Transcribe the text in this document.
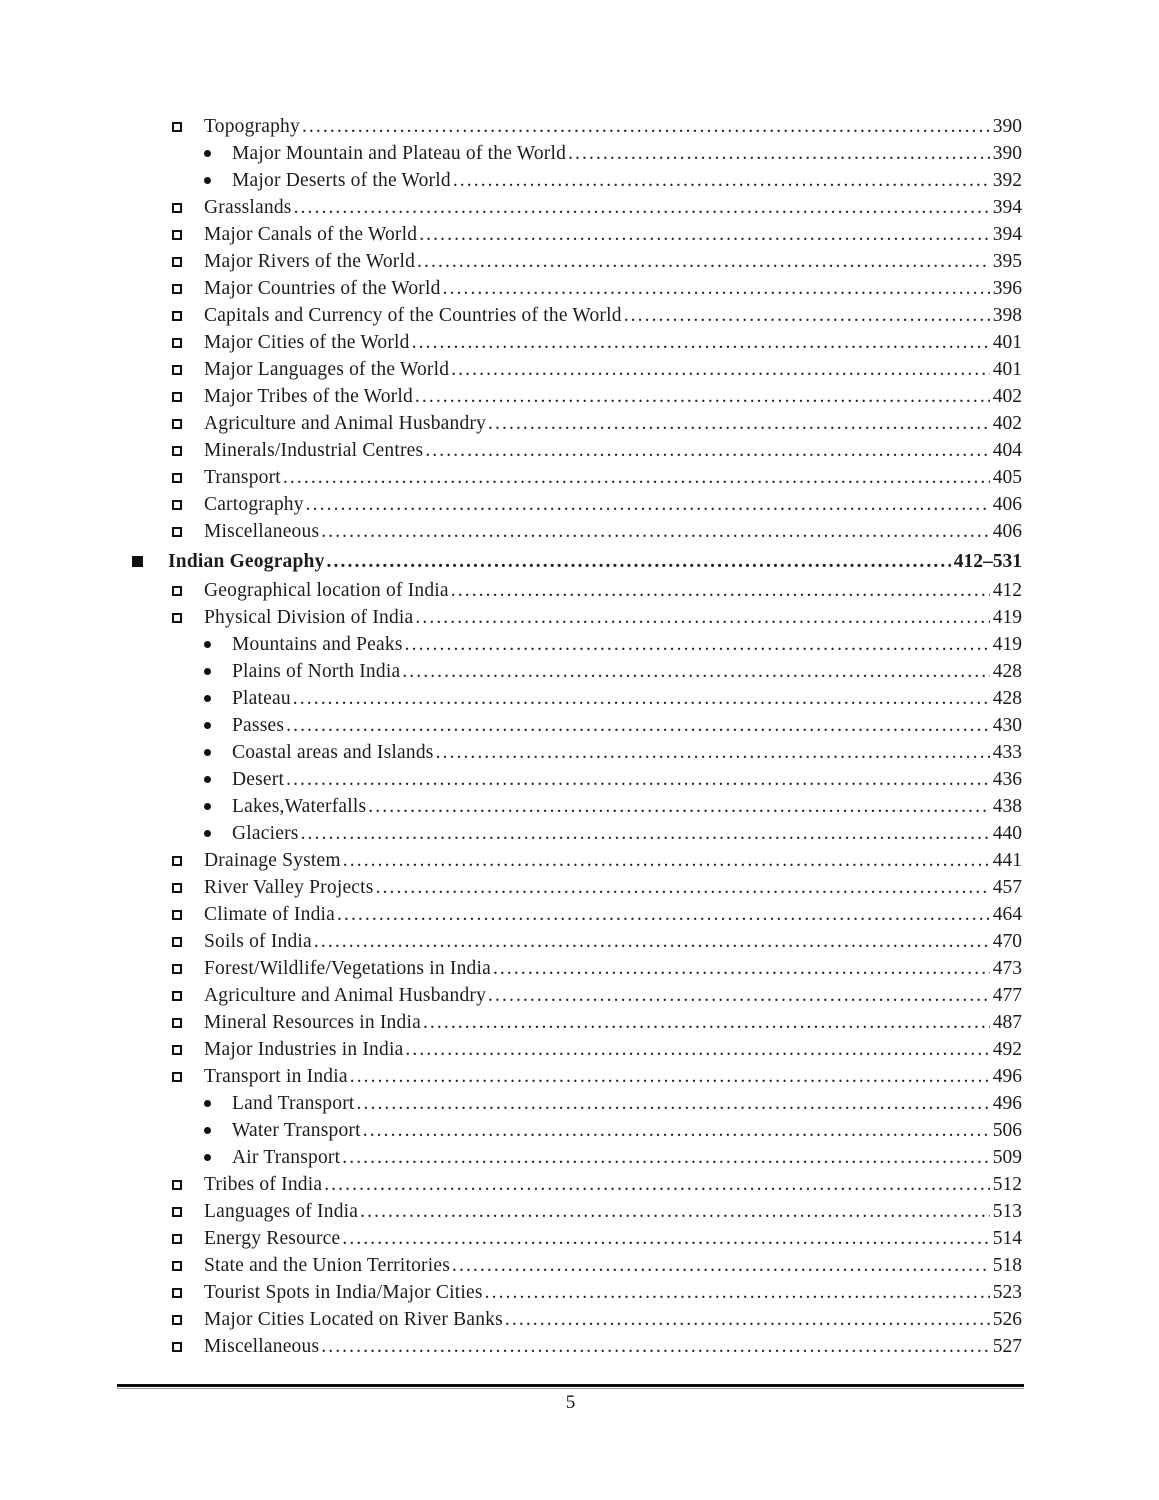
Topography .....	390
Major Mountain and Plateau of the World .....	390
Major Deserts of the World .....	392
Grasslands .....	394
Major Canals of the World .....	394
Major Rivers of the World .....	395
Major Countries of the World .....	396
Capitals and Currency of the Countries of the World .....	398
Major Cities of the World .....	401
Major Languages of the World .....	401
Major Tribes of the World .....	402
Agriculture and Animal Husbandry .....	402
Minerals/Industrial Centres .....	404
Transport .....	405
Cartography .....	406
Miscellaneous .....	406
Indian Geography .....	412–531
Geographical location of India .....	412
Physical Division of India .....	419
Mountains and Peaks .....	419
Plains of North India .....	428
Plateau .....	428
Passes .....	430
Coastal areas and Islands .....	433
Desert .....	436
Lakes,Waterfalls .....	438
Glaciers .....	440
Drainage System .....	441
River Valley Projects .....	457
Climate of India .....	464
Soils of India .....	470
Forest/Wildlife/Vegetations in India .....	473
Agriculture and Animal Husbandry .....	477
Mineral Resources in India .....	487
Major Industries in India .....	492
Transport in India .....	496
Land Transport .....	496
Water Transport .....	506
Air Transport .....	509
Tribes of India .....	512
Languages of India .....	513
Energy Resource .....	514
State and the Union Territories .....	518
Tourist Spots in India/Major Cities .....	523
Major Cities Located on River Banks .....	526
Miscellaneous .....	527
5
